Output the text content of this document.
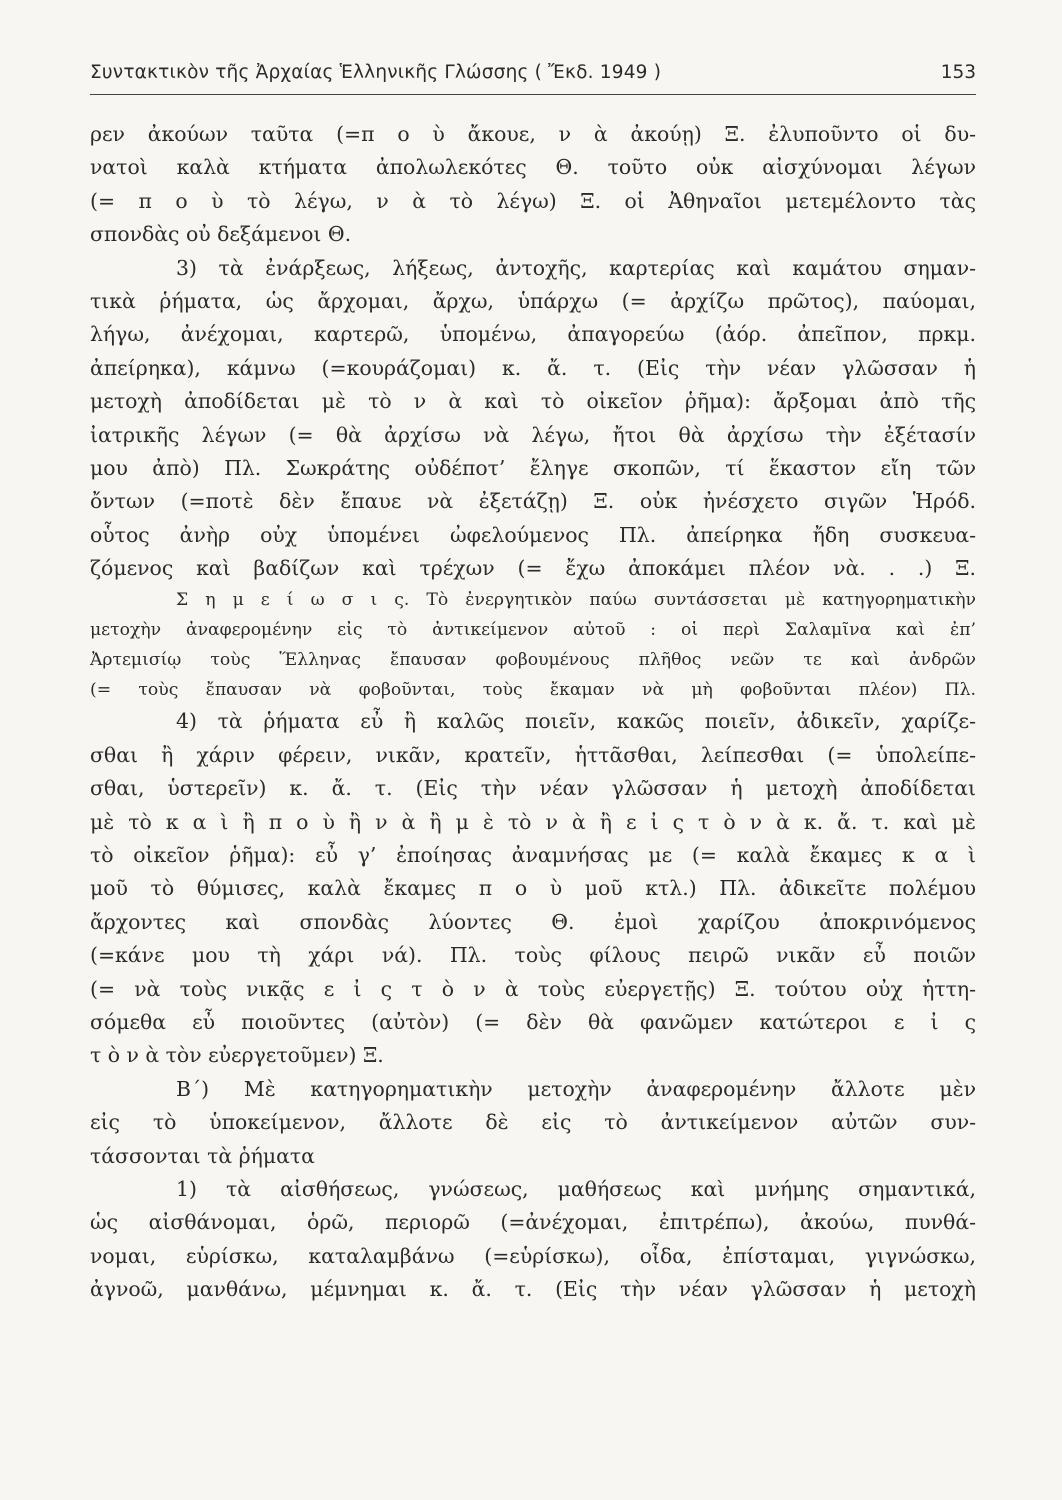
Συντακτικὸν τῆς Ἀρχαίας Ἑλληνικῆς Γλώσσης ( Ἔκδ. 1949 )	153
ρεν ἀκούων ταῦτα (=π ο ὺ ἄκουε, ν ὰ ἀκούῃ) Ξ. ἐλυποῦντο οἱ δυ-
νατοὶ καλὰ κτήματα ἀπολωλεκότες Θ. τοῦτο οὐκ αἰσχύνομαι λέγων
(= π ο ὺ τὸ λέγω, ν ὰ τὸ λέγω) Ξ. οἱ Ἀθηναῖοι μετεμέλοντο τὰς
σπονδὰς οὐ δεξάμενοι Θ.
3) τὰ ἐνάρξεως, λήξεως, ἀντοχῆς, καρτερίας καὶ καμάτου σημαν-
τικὰ ῥήματα, ὡς ἄρχομαι, ἄρχω, ὑπάρχω (= ἀρχίζω πρῶτος), παύομαι,
λήγω, ἀνέχομαι, καρτερῶ, ὑπομένω, ἀπαγορεύω (ἀόρ. ἀπεῖπον, πρκμ.
ἀπείρηκα), κάμνω (=κουράζομαι) κ. ἄ. τ. (Εἰς τὴν νέαν γλῶσσαν ἡ
μετοχὴ ἀποδίδεται μὲ τὸ ν ὰ καὶ τὸ οἰκεῖον ῥῆμα): ἄρξομαι ἀπὸ τῆς
ἰατρικῆς λέγων (= θὰ ἀρχίσω νὰ λέγω, ἤτοι θὰ ἀρχίσω τὴν ἐξέτασίν
μου ἀπὸ) Πλ. Σωκράτης οὐδέποτ’ ἔληγε σκοπῶν, τί ἕκαστον εἴη τῶν
ὄντων (=ποτὲ δὲν ἔπαυε νὰ ἐξετάζῃ) Ξ. οὐκ ἠνέσχετο σιγῶν Ἡρόδ.
οὗτος ἀνὴρ οὐχ ὑπομένει ὠφελούμενος Πλ. ἀπείρηκα ἤδη συσκευα-
ζόμενος καὶ βαδίζων καὶ τρέχων (= ἔχω ἀποκάμει πλέον νὰ. . .) Ξ.
Σ η μ ε ί ω σ ι ς. Τὸ ἐνεργητικὸν παύω συντάσσεται μὲ κατηγορηματικὴν
μετοχὴν ἀναφερομένην εἰς τὸ ἀντικείμενον αὐτοῦ : οἱ περὶ Σαλαμῖνα καὶ ἐπ’
Ἀρτεμισίῳ τοὺς Ἕλληνας ἔπαυσαν φοβουμένους πλῆθος νεῶν τε καὶ ἀνδρῶν
(= τοὺς ἔπαυσαν νὰ φοβοῦνται, τοὺς ἔκαμαν νὰ μὴ φοβοῦνται πλέον) Πλ.
4) τὰ ῥήματα εὖ ἢ καλῶς ποιεῖν, κακῶς ποιεῖν, ἀδικεῖν, χαρίζε-
σθαι ἢ χάριν φέρειν, νικᾶν, κρατεῖν, ἡττᾶσθαι, λείπεσθαι (= ὑπολείπε-
σθαι, ὑστερεῖν) κ. ἄ. τ. (Εἰς τὴν νέαν γλῶσσαν ἡ μετοχὴ ἀποδίδεται
μὲ τὸ κ α ὶ ἢ π ο ὺ ἢ ν ὰ ἢ μ ὲ τὸ ν ὰ ἢ ε ἰ ς τ ὸ ν ὰ κ. ἄ. τ. καὶ μὲ
τὸ οἰκεῖον ῥῆμα): εὖ γ’ ἐποίησας ἀναμνήσας με (= καλὰ ἔκαμες κ α ὶ
μοῦ τὸ θύμισες, καλὰ ἔκαμες π ο ὺ μοῦ κτλ.) Πλ. ἀδικεῖτε πολέμου
ἄρχοντες καὶ σπονδὰς λύοντες Θ. ἐμοὶ χαρίζου ἀποκρινόμενος
(=κάνε μου τὴ χάρι νά). Πλ. τοὺς φίλους πειρῶ νικᾶν εὖ ποιῶν
(= νὰ τοὺς νικᾷς ε ἰ ς τ ὸ ν ὰ τοὺς εὐεργετῇς) Ξ. τούτου οὐχ ἡττη-
σόμεθα εὖ ποιοῦντες (αὐτὸν) (= δὲν θὰ φανῶμεν κατώτεροι ε ἰ ς
τ ὸ ν ὰ τὸν εὐεργετοῦμεν) Ξ.
Β΄) Μὲ κατηγορηματικὴν μετοχὴν ἀναφερομένην ἄλλοτε μὲν
εἰς τὸ ὑποκείμενον, ἄλλοτε δὲ εἰς τὸ ἀντικείμενον αὐτῶν συν-
τάσσονται τὰ ῥήματα
1) τὰ αἰσθήσεως, γνώσεως, μαθήσεως καὶ μνήμης σημαντικά,
ὡς αἰσθάνομαι, ὁρῶ, περιορῶ (=ἀνέχομαι, ἐπιτρέπω), ἀκούω, πυνθά-
νομαι, εὑρίσκω, καταλαμβάνω (=εὑρίσκω), οἶδα, ἐπίσταμαι, γιγνώσκω,
ἀγνοῶ, μανθάνω, μέμνημαι κ. ἄ. τ. (Εἰς τὴν νέαν γλῶσσαν ἡ μετοχὴ
